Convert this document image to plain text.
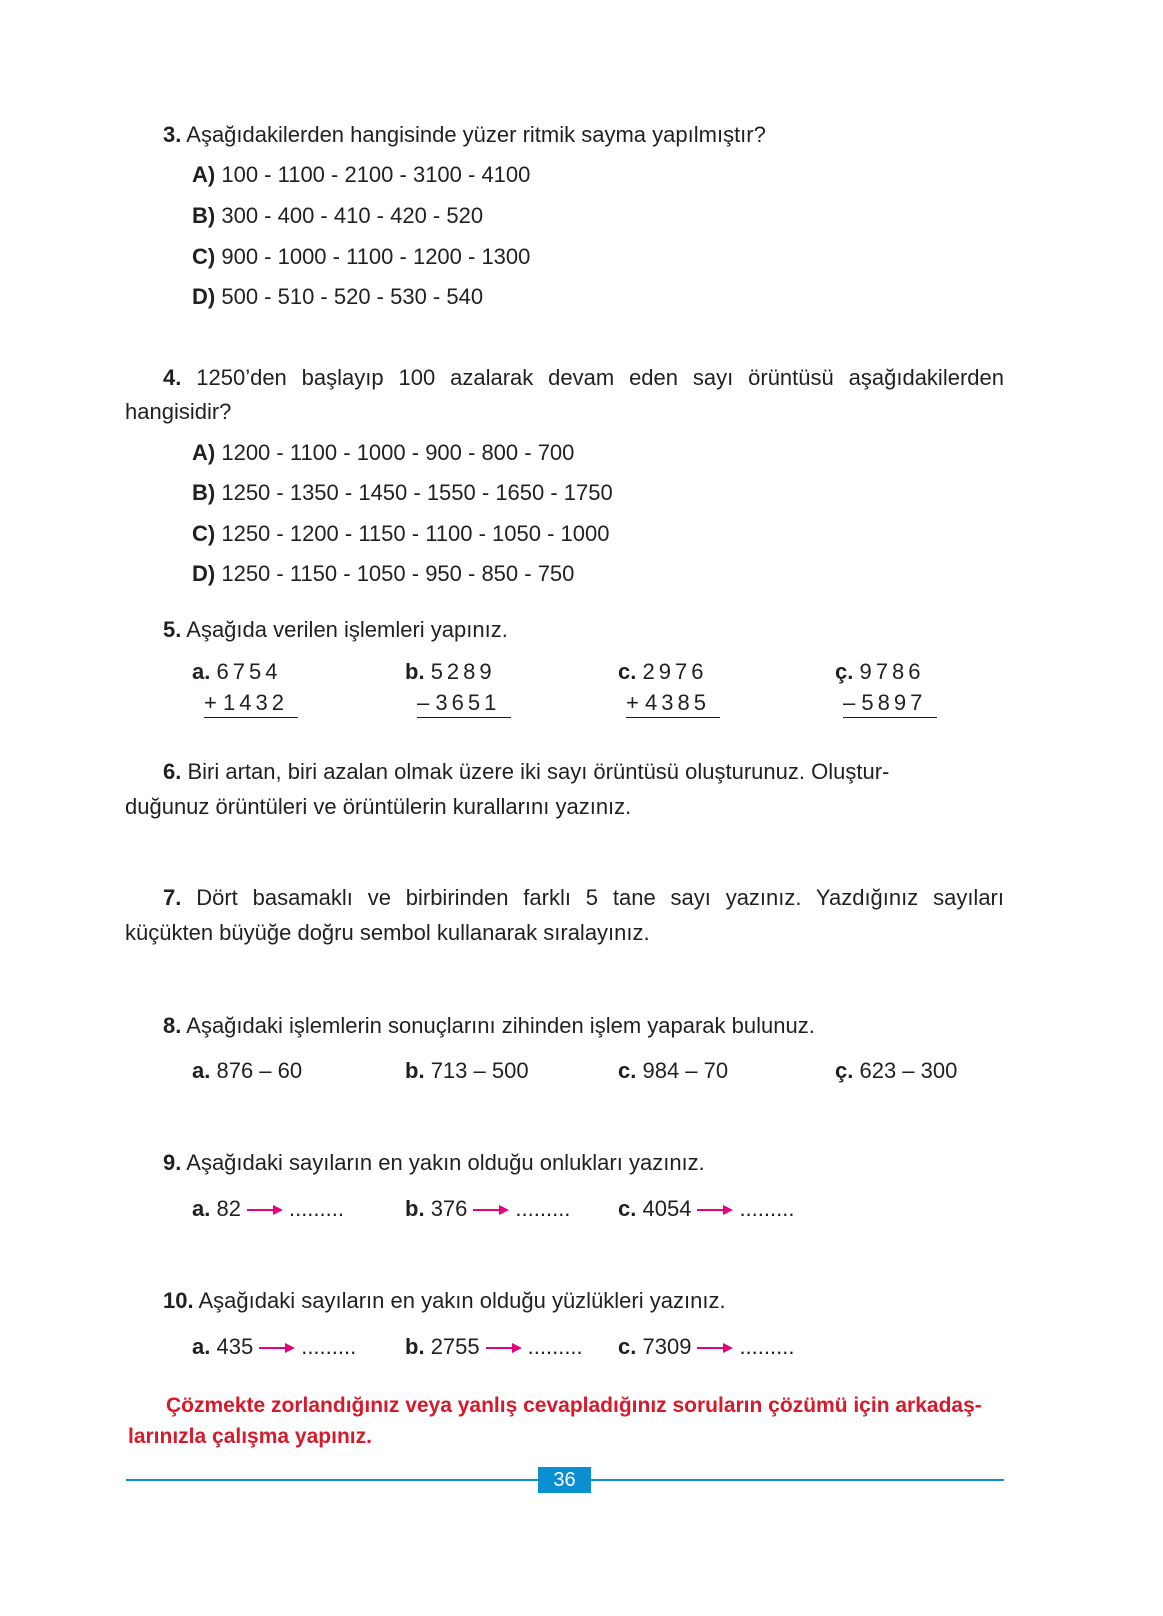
3. Aşağıdakilerden hangisinde yüzer ritmik sayma yapılmıştır?
A) 100 - 1100 - 2100 - 3100 - 4100
B) 300 - 400 - 410 - 420 - 520
C) 900 - 1000 - 1100 - 1200 - 1300
D) 500 - 510 - 520 - 530 - 540
4. 1250’den başlayıp 100 azalarak devam eden sayı örüntüsü aşağıdakilerden
hangisidir?
A) 1200 - 1100 - 1000 - 900 - 800 - 700
B) 1250 - 1350 - 1450 - 1550 - 1650 - 1750
C) 1250 - 1200 - 1150 - 1100 - 1050 - 1000
D) 1250 - 1150 - 1050 - 950 - 850 - 750
5. Aşağıda verilen işlemleri yapınız.
a. 6754
+ 1432
b. 5289
– 3651
c. 2976
+ 4385
ç. 9786
– 5897
6. Biri artan, biri azalan olmak üzere iki sayı örüntüsü oluşturunuz. Oluştur-
duğunuz örüntüleri ve örüntülerin kurallarını yazınız.
7. Dört basamaklı ve birbirinden farklı 5 tane sayı yazınız. Yazdığınız sayıları
küçükten büyüğe doğru sembol kullanarak sıralayınız.
8. Aşağıdaki işlemlerin sonuçlarını zihinden işlem yaparak bulunuz.
a. 876 – 60	b. 713 – 500	c. 984 – 70	ç. 623 – 300
9. Aşağıdaki sayıların en yakın olduğu onlukları yazınız.
a. 82 .........	b. 376 ......... c. 4054 .........
10. Aşağıdaki sayıların en yakın olduğu yüzlükleri yazınız.
a. 435 ......... b. 2755 ......... c. 7309 .........
Çözmekte zorlandığınız veya yanlış cevapladığınız soruların çözümü için arkadaş-
larınızla çalışma yapınız.
36
